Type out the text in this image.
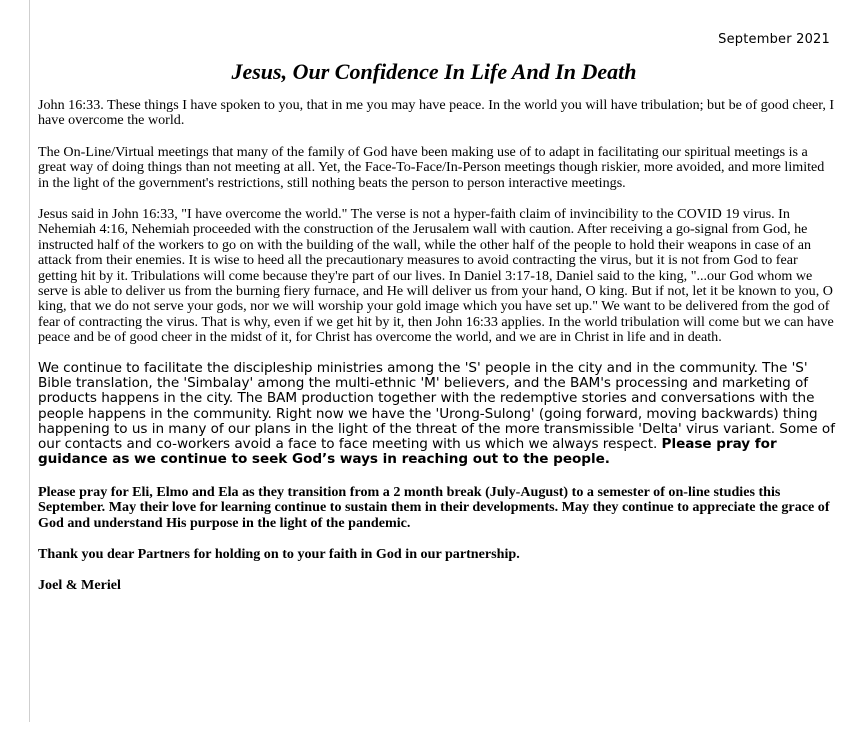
September 2021
Jesus, Our Confidence In Life And In Death

John 16:33. These things I have spoken to you, that in me you may have peace. In the world you will have tribulation; but be of good cheer, I have overcome the world.

The On-Line/Virtual meetings that many of the family of God have been making use of to adapt in facilitating our spiritual meetings is a great way of doing things than not meeting at all. Yet, the Face-To-Face/In-Person meetings though riskier, more avoided, and more limited in the light of the government's restrictions, still nothing beats the person to person interactive meetings.

Jesus said in John 16:33, "I have overcome the world." The verse is not a hyper-faith claim of invincibility to the COVID 19 virus. In Nehemiah 4:16, Nehemiah proceeded with the construction of the Jerusalem wall with caution. After receiving a go-signal from God, he instructed half of the workers to go on with the building of the wall, while the other half of the people to hold their weapons in case of an attack from their enemies. It is wise to heed all the precautionary measures to avoid contracting the virus, but it is not from God to fear getting hit by it. Tribulations will come because they're part of our lives. In Daniel 3:17-18, Daniel said to the king, "...our God whom we serve is able to deliver us from the burning fiery furnace, and He will deliver us from your hand, O king. But if not, let it be known to you, O king, that we do not serve your gods, nor we will worship your gold image which you have set up." We want to be delivered from the god of fear of contracting the virus. That is why, even if we get hit by it, then John 16:33 applies. In the world tribulation will come but we can have peace and be of good cheer in the midst of it, for Christ has overcome the world, and we are in Christ in life and in death.

We continue to facilitate the discipleship ministries among the 'S' people in the city and in the community. The 'S' Bible translation, the 'Simbalay' among the multi-ethnic 'M' believers, and the BAM's processing and marketing of products happens in the city. The BAM production together with the redemptive stories and conversations with the people happens in the community. Right now we have the 'Urong-Sulong' (going forward, moving backwards) thing happening to us in many of our plans in the light of the threat of the more transmissible 'Delta' virus variant. Some of our contacts and co-workers avoid a face to face meeting with us which we always respect. Please pray for guidance as we continue to seek God’s ways in reaching out to the people.

Please pray for Eli, Elmo and Ela as they transition from a 2 month break (July-August) to a semester of on-line studies this September. May their love for learning continue to sustain them in their developments. May they continue to appreciate the grace of God and understand His purpose in the light of the pandemic.

Thank you dear Partners for holding on to your faith in God in our partnership.

Joel & Meriel
